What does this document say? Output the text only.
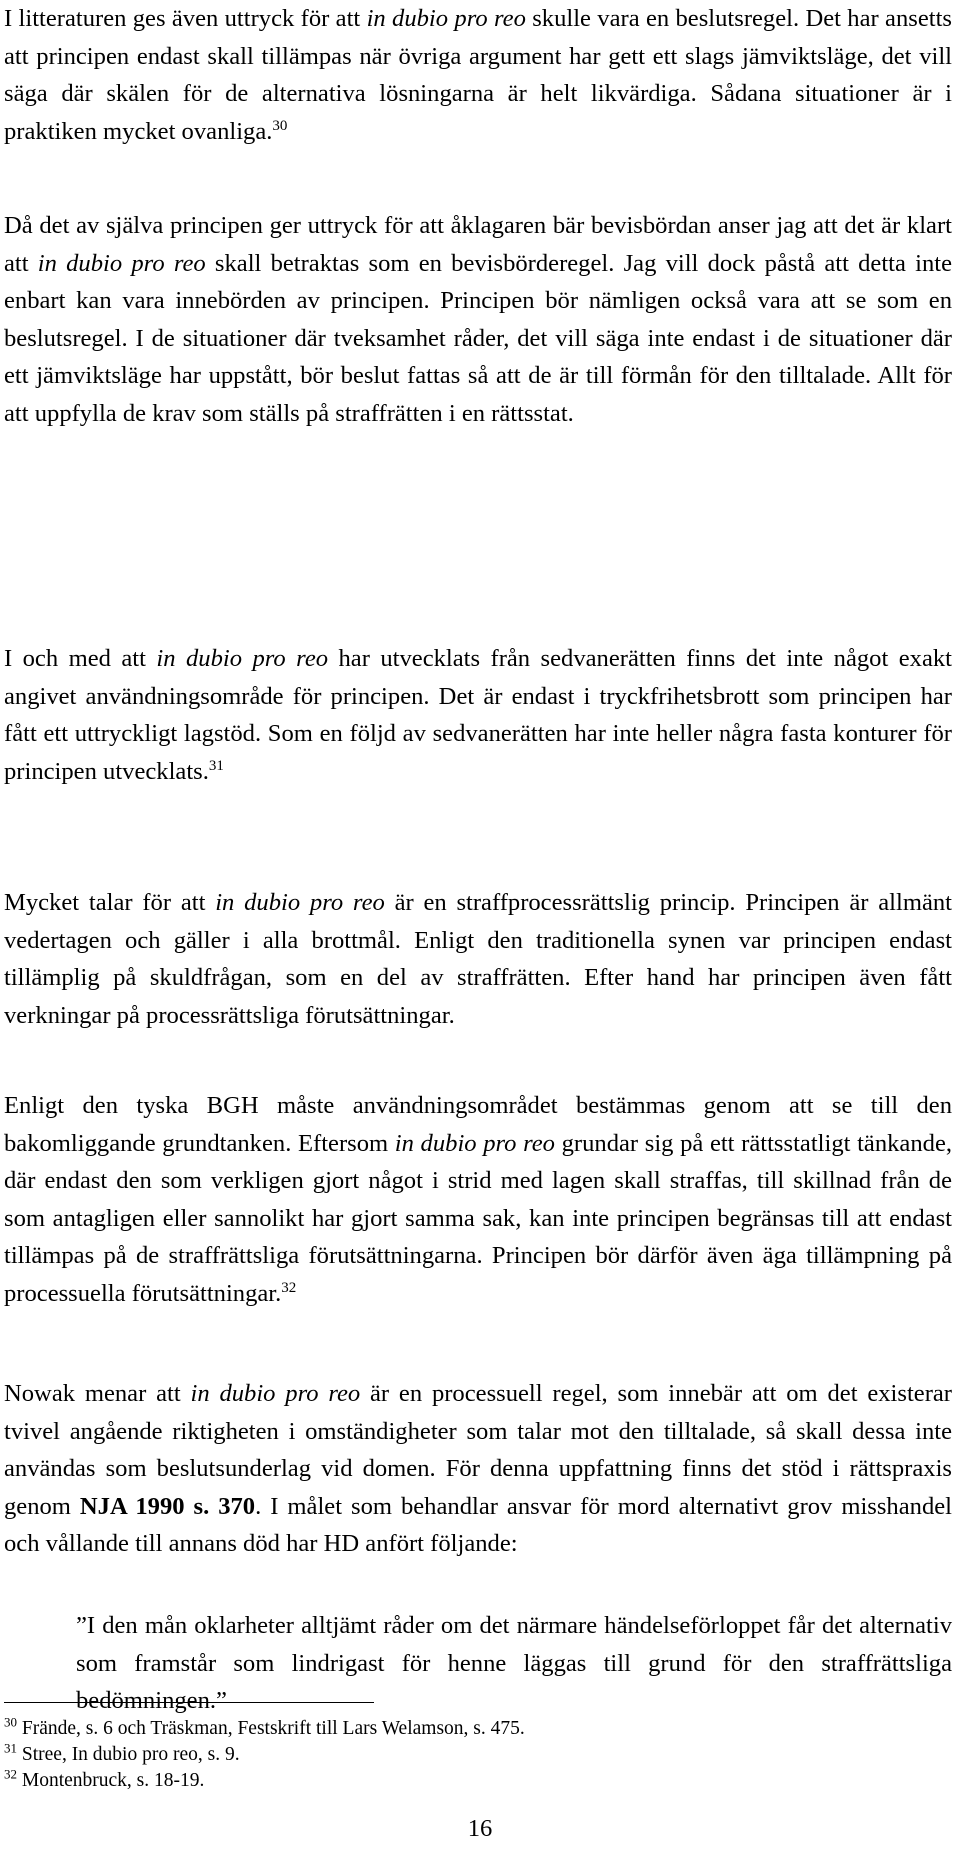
I litteraturen ges även uttryck för att in dubio pro reo skulle vara en beslutsregel. Det har ansetts att principen endast skall tillämpas när övriga argument har gett ett slags jämviktsläge, det vill säga där skälen för de alternativa lösningarna är helt likvärdiga. Sådana situationer är i praktiken mycket ovanliga.$^{30}$

Då det av själva principen ger uttryck för att åklagaren bär bevisbördan anser jag att det är klart att in dubio pro reo skall betraktas som en bevisbörderegel. Jag vill dock påstå att detta inte enbart kan vara innebörden av principen. Principen bör nämligen också vara att se som en beslutsregel. I de situationer där tveksamhet råder, det vill säga inte endast i de situationer där ett jämviktsläge har uppstått, bör beslut fattas så att de är till förmån för den tilltalade. Allt för att uppfylla de krav som ställs på straffrätten i en rättsstat.

I och med att in dubio pro reo har utvecklats från sedvanerätten finns det inte något exakt angivet användningsområde för principen. Det är endast i tryckfrihetsbrott som principen har fått ett uttryckligt lagstöd. Som en följd av sedvanerätten har inte heller några fasta konturer för principen utvecklats.$^{31}$

Mycket talar för att in dubio pro reo är en straffprocessrättslig princip. Principen är allmänt vedertagen och gäller i alla brottmål. Enligt den traditionella synen var principen endast tillämplig på skuldfrågan, som en del av straffrätten. Efter hand har principen även fått verkningar på processrättsliga förutsättningar.

Enligt den tyska BGH måste användningsområdet bestämmas genom att se till den bakomliggande grundtanken. Eftersom in dubio pro reo grundar sig på ett rättsstatligt tänkande, där endast den som verkligen gjort något i strid med lagen skall straffas, till skillnad från de som antagligen eller sannolikt har gjort samma sak, kan inte principen begränsas till att endast tillämpas på de straffrättsliga förutsättningarna. Principen bör därför även äga tillämpning på processuella förutsättningar.$^{32}$

Nowak menar att in dubio pro reo är en processuell regel, som innebär att om det existerar tvivel angående riktigheten i omständigheter som talar mot den tilltalade, så skall dessa inte användas som beslutsunderlag vid domen. För denna uppfattning finns det stöd i rättspraxis genom NJA 1990 s. 370. I målet som behandlar ansvar för mord alternativt grov misshandel och vållande till annans död har HD anfört följande:

”I den mån oklarheter alltjämt råder om det närmare händelseförloppet får det alternativ som framstår som lindrigast för henne läggas till grund för den straffrättsliga bedömningen.”

$^{30}$ Frände, s. 6 och Träskman, Festskrift till Lars Welamson, s. 475.

$^{31}$ Stree, In dubio pro reo, s. 9.

$^{32}$ Montenbruck, s. 18-19.

16
